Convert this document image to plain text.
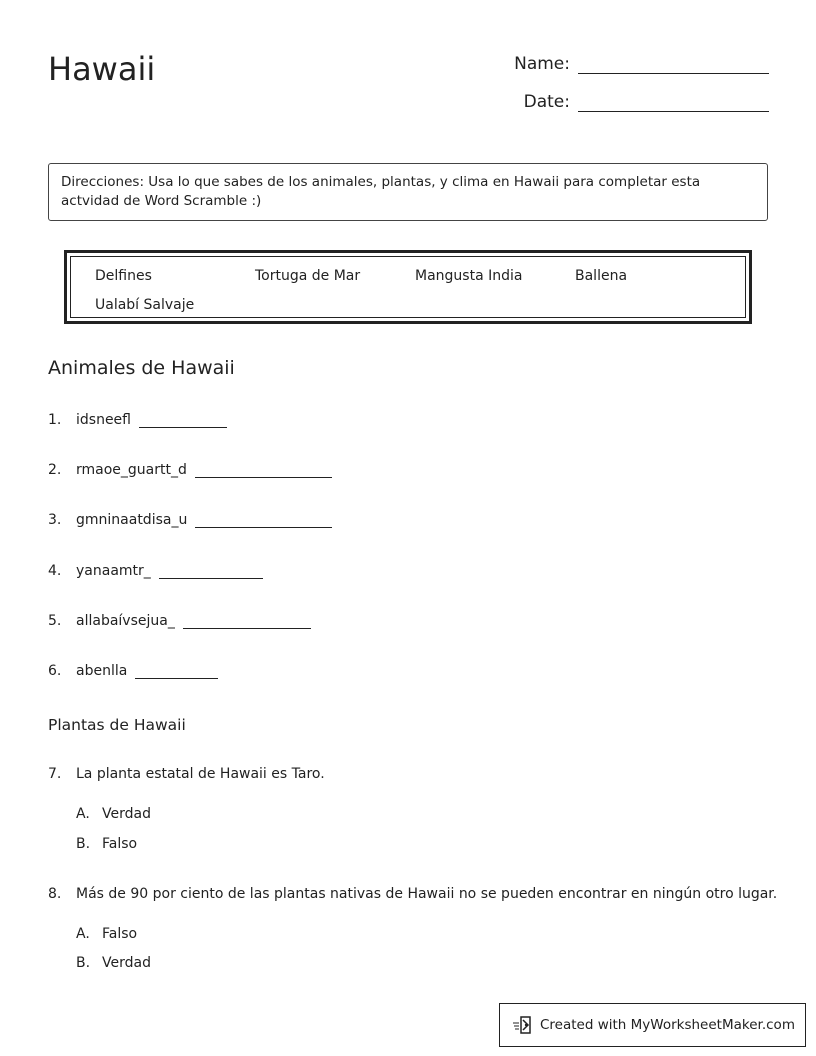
Hawaii	Name:
Date:
Direcciones: Usa lo que sabes de los animales, plantas, y clima en Hawaii para completar esta actvidad de Word Scramble :)
Delfines	Tortuga de Mar	Mangusta India	Ballena
Ualabí Salvaje
Animales de Hawaii
1.	idsneefl
2.	rmaoe_guartt_d
3.	gmninaatdisa_u
4.	yanaamtr_
5.	allabaívsejua_
6.	abenlla
Plantas de Hawaii
7.	La planta estatal de Hawaii es Taro.
A. Verdad
B. Falso
8.	Más de 90 por ciento de las plantas nativas de Hawaii no se pueden encontrar en ningún otro lugar.
A. Falso
B. Verdad
Created with MyWorksheetMaker.com
